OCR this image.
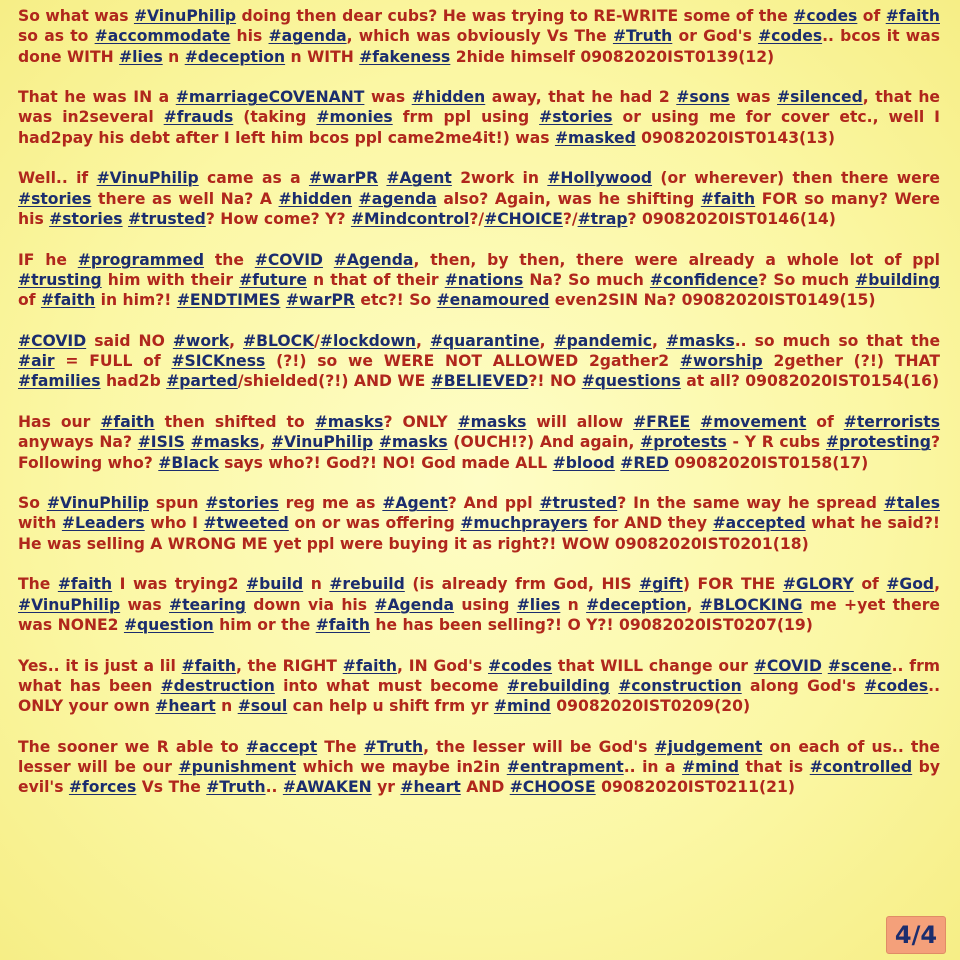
So what was #VinuPhilip doing then dear cubs? He was trying to RE-WRITE some of the #codes of #faith so as to #accommodate his #agenda, which was obviously Vs The #Truth or God's #codes.. bcos it was done WITH #lies n #deception n WITH #fakeness 2hide himself 09082020IST0139(12)

That he was IN a #marriageCOVENANT was #hidden away, that he had 2 #sons was #silenced, that he was in2several #frauds (taking #monies frm ppl using #stories or using me for cover etc., well I had2pay his debt after I left him bcos ppl came2me4it!) was #masked 09082020IST0143(13)

Well.. if #VinuPhilip came as a #warPR #Agent 2work in #Hollywood (or wherever) then there were #stories there as well Na? A #hidden #agenda also? Again, was he shifting #faith FOR so many? Were his #stories #trusted? How come? Y? #Mindcontrol?/#CHOICE?/#trap? 09082020IST0146(14)

IF he #programmed the #COVID #Agenda, then, by then, there were already a whole lot of ppl #trusting him with their #future n that of their #nations Na? So much #confidence? So much #building of #faith in him?! #ENDTIMES #warPR etc?! So #enamoured even2SIN Na? 09082020IST0149(15)

#COVID said NO #work, #BLOCK/#lockdown, #quarantine, #pandemic, #masks.. so much so that the #air = FULL of #SICKness (?!) so we WERE NOT ALLOWED 2gather2 #worship 2gether (?!) THAT #families had2b #parted/shielded(?!) AND WE #BELIEVED?! NO #questions at all? 09082020IST0154(16)

Has our #faith then shifted to #masks? ONLY #masks will allow #FREE #movement of #terrorists anyways Na? #ISIS #masks, #VinuPhilip #masks (OUCH!?) And again, #protests - Y R cubs #protesting? Following who? #Black says who?! God?! NO! God made ALL #blood #RED 09082020IST0158(17)

So #VinuPhilip spun #stories reg me as #Agent? And ppl #trusted? In the same way he spread #tales with #Leaders who I #tweeted on or was offering #muchprayers for AND they #accepted what he said?! He was selling A WRONG ME yet ppl were buying it as right?! WOW 09082020IST0201(18)

The #faith I was trying2 #build n #rebuild (is already frm God, HIS #gift) FOR THE #GLORY of #God, #VinuPhilip was #tearing down via his #Agenda using #lies n #deception, #BLOCKING me +yet there was NONE2 #question him or the #faith he has been selling?! O Y?! 09082020IST0207(19)

Yes.. it is just a lil #faith, the RIGHT #faith, IN God's #codes that WILL change our #COVID #scene.. frm what has been #destruction into what must become #rebuilding #construction along God's #codes.. ONLY your own #heart n #soul can help u shift frm yr #mind 09082020IST0209(20)

The sooner we R able to #accept The #Truth, the lesser will be God's #judgement on each of us.. the lesser will be our #punishment which we maybe in2in #entrapment.. in a #mind that is #controlled by evil's #forces Vs The #Truth.. #AWAKEN yr #heart AND #CHOOSE 09082020IST0211(21)

4/4
